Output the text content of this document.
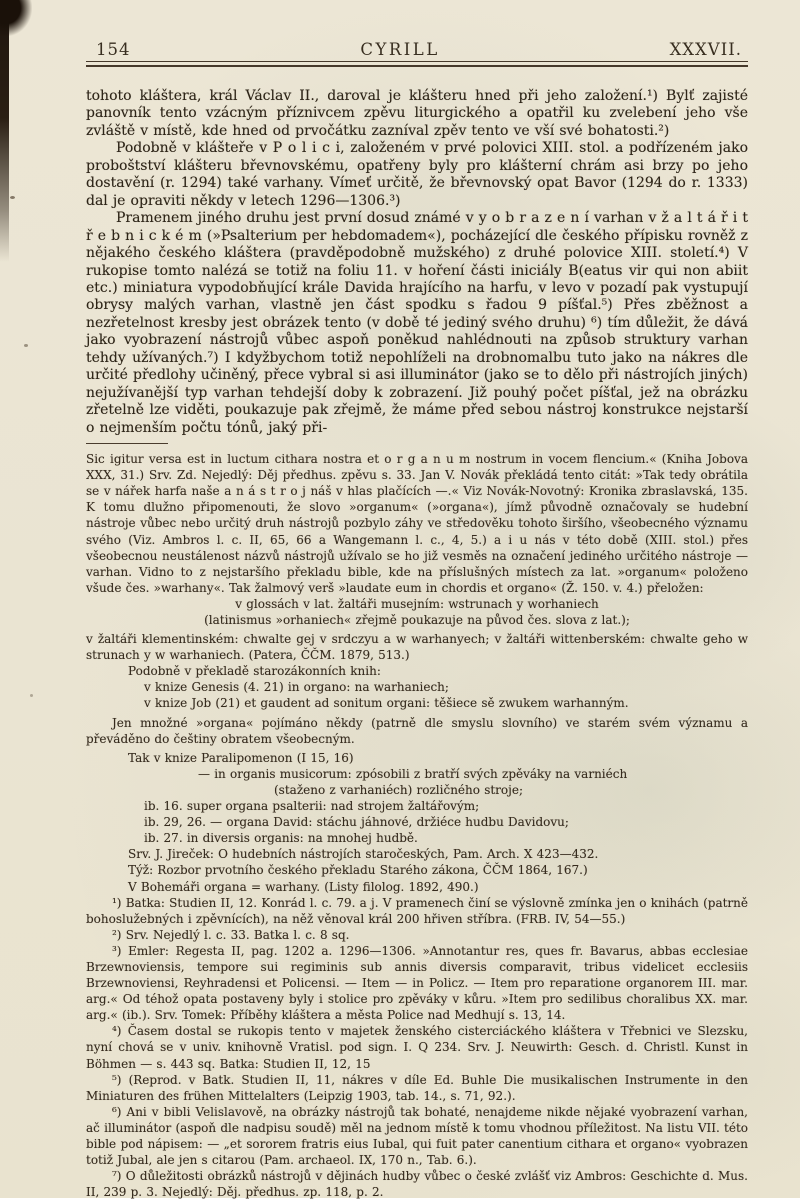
154	CYRILL	XXXVII.

tohoto kláštera, král Václav II., daroval je klášteru hned při jeho založení.¹) Bylť zajisté panovník tento vzácným příznivcem zpěvu liturgického a opatřil ku zvelebení jeho vše zvláště v místě, kde hned od prvočátku zazníval zpěv tento ve vší své bohatosti.²)

Podobně v klášteře v P o l i c i, založeném v prvé polovici XIII. stol. a podřízeném jako proboštství klášteru břevnovskému, opatřeny byly pro klášterní chrám asi brzy po jeho dostavění (r. 1294) také varhany. Vímeť určitě, že břevnovský opat Bavor (1294 do r. 1333) dal je opraviti někdy v letech 1296—1306.³)

Pramenem jiného druhu jest první dosud známé v y o b r a z e n í varhan v ž a l t á ř i t ř e b n i c k é m (»Psalterium per hebdomadem«), pocházející dle českého přípisku rovněž z nějakého českého kláštera (pravděpodobně mužského) z druhé polovice XIII. století.⁴) V rukopise tomto nalézá se totiž na foliu 11. v hoření části iniciály B(eatus vir qui non abiit etc.) miniatura vypodobňující krále Davida hrajícího na harfu, v levo v pozadí pak vystupují obrysy malých varhan, vlastně jen část spodku s řadou 9 píšťal.⁵) Přes zběžnost a nezřetelnost kresby jest obrázek tento (v době té jediný svého druhu) ⁶) tím důležit, že dává jako vyobrazení nástrojů vůbec aspoň poněkud nahlédnouti na způsob struktury varhan tehdy užívaných.⁷) I kdyžbychom totiž nepohlíželi na drobnomalbu tuto jako na nákres dle určité předlohy učiněný, přece vybral si asi illuminátor (jako se to dělo při nástrojích jiných) nejužívanější typ varhan tehdejší doby k zobrazení. Již pouhý počet píšťal, jež na obrázku zřetelně lze viděti, poukazuje pak zřejmě, že máme před sebou nástroj konstrukce nejstarší o nejmenším počtu tónů, jaký při-

Sic igitur versa est in luctum cithara nostra et o r g a n u m nostrum in vocem flencium.« (Kniha Jobova XXX, 31.) Srv. Zd. Nejedlý: Děj předhus. zpěvu s. 33. Jan V. Novák překládá tento citát: »Tak tedy obrátila se v nářek harfa naše a n á s t r o j náš v hlas plačících —.« Viz Novák-Novotný: Kronika zbraslavská, 135. K tomu dlužno připomenouti, že slovo »organum« (»organa«), jímž původně označovaly se hudební nástroje vůbec nebo určitý druh nástrojů pozbylo záhy ve středověku tohoto širšího, všeobecného významu svého (Viz. Ambros l. c. II, 65, 66 a Wangemann l. c., 4, 5.) a i u nás v této době (XIII. stol.) přes všeobecnou neustálenost názvů nástrojů užívalo se ho již vesměs na označení jediného určitého nástroje — varhan. Vidno to z nejstaršího překladu bible, kde na příslušných místech za lat. »organum« položeno všude čes. »warhany«. Tak žalmový verš »laudate eum in chordis et organo« (Ž. 150. v. 4.) přeložen:

v glossách v lat. žaltáři musejním: wstrunach y worhaniech

(latinismus »orhaniech« zřejmě poukazuje na původ čes. slova z lat.);

v žaltáři klementinském: chwalte gej v srdczyu a w warhanyech; v žaltáři wittenberském: chwalte geho w strunach y w warhaniech. (Patera, ČČM. 1879, 513.)

Podobně v překladě starozákonních knih:

v knize Genesis (4. 21) in organo: na warhaniech;

v knize Job (21) et gaudent ad sonitum organi: těšiece sě zwukem warhanným.

Jen množné »organa« pojímáno někdy (patrně dle smyslu slovního) ve starém svém významu a převáděno do češtiny obratem všeobecným.

Tak v knize Paralipomenon (I 15, 16)

— in organis musicorum: zpósobili z bratří svých zpěváky na varniéch

(staženo z varhaniéch) rozličného stroje;

ib. 16. super organa psalterii: nad strojem žaltářovým;

ib. 29, 26. — organa David: stáchu jáhnové, držiéce hudbu Davidovu;

ib. 27. in diversis organis: na mnohej hudbě.

Srv. J. Jireček: O hudebních nástrojích staročeských, Pam. Arch. X 423—432.

Týž: Rozbor prvotního českého překladu Starého zákona, ČČM 1864, 167.)

V Bohemáři organa = warhany. (Listy filolog. 1892, 490.)

¹) Batka: Studien II, 12. Konrád l. c. 79. a j. V pramenech činí se výslovně zmínka jen o knihách (patrně bohoslužebných i zpěvnících), na něž věnoval král 200 hřiven stříbra. (FRB. IV, 54—55.)

²) Srv. Nejedlý l. c. 33. Batka l. c. 8 sq.

³) Emler: Regesta II, pag. 1202 a. 1296—1306. »Annotantur res, ques fr. Bavarus, abbas ecclesiae Brzewnoviensis, tempore sui regiminis sub annis diversis comparavit, tribus videlicet ecclesiis Brzewnoviensi, Reyhradensi et Policensi. — Item — in Policz. — Item pro reparatione organorem III. mar. arg.« Od téhož opata postaveny byly i stolice pro zpěváky v kůru. »Item pro sedilibus choralibus XX. mar. arg.« (ib.). Srv. Tomek: Příběhy kláštera a města Police nad Medhují s. 13, 14.

⁴) Časem dostal se rukopis tento v majetek ženského cisterciáckého kláštera v Třebnici ve Slezsku, nyní chová se v univ. knihovně Vratisl. pod sign. I. Q 234. Srv. J. Neuwirth: Gesch. d. Christl. Kunst in Böhmen — s. 443 sq. Batka: Studien II, 12, 15

⁵) (Reprod. v Batk. Studien II, 11, nákres v díle Ed. Buhle Die musikalischen Instrumente in den Miniaturen des frühen Mittelalters (Leipzig 1903, tab. 14., s. 71, 92.).

⁶) Ani v bibli Velislavově, na obrázky nástrojů tak bohaté, nenajdeme nikde nějaké vyobrazení varhan, ač illuminátor (aspoň dle nadpisu soudě) měl na jednom místě k tomu vhodnou příležitost. Na listu VII. této bible pod nápisem: — „et sororem fratris eius Iubal, qui fuit pater canentium cithara et organo« vyobrazen totiž Jubal, ale jen s citarou (Pam. archaeol. IX, 170 n., Tab. 6.).

⁷) O důležitosti obrázků nástrojů v dějinách hudby vůbec o české zvlášť viz Ambros: Geschichte d. Mus. II, 239 p. 3. Nejedlý: Děj. předhus. zp. 118, p. 2.
